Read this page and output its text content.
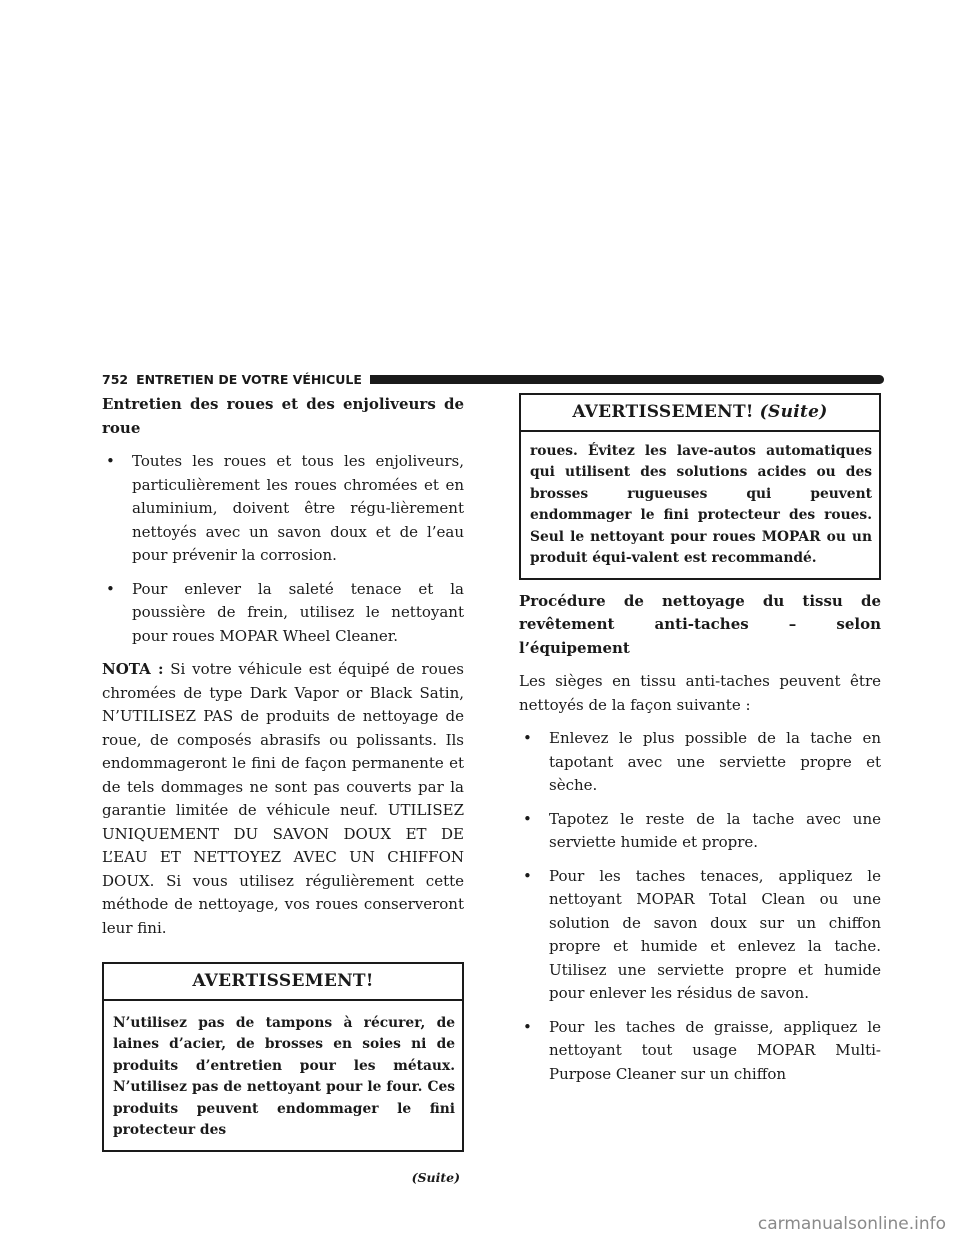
752 ENTRETIEN DE VOTRE VÉHICULE
Entretien des roues et des enjoliveurs de roue
• Toutes les roues et tous les enjoliveurs, particulièrement les roues chromées et en aluminium, doivent être régu-lièrement nettoyés avec un savon doux et de l’eau pour prévenir la corrosion.
• Pour enlever la saleté tenace et la poussière de frein, utilisez le nettoyant pour roues MOPAR Wheel Cleaner.

NOTA : Si votre véhicule est équipé de roues chromées de type Dark Vapor or Black Satin, N’UTILISEZ PAS de produits de nettoyage de roue, de composés abrasifs ou polissants. Ils endommageront le fini de façon permanente et de tels dommages ne sont pas couverts par la garantie limitée de véhicule neuf. UTILISEZ UNIQUEMENT DU SAVON DOUX ET DE L’EAU ET NETTOYEZ AVEC UN CHIFFON DOUX. Si vous utilisez régulièrement cette méthode de nettoyage, vos roues conserveront leur fini.

AVERTISSEMENT!
N’utilisez pas de tampons à récurer, de laines d’acier, de brosses en soies ni de produits d’entretien pour les métaux. N’utilisez pas de nettoyant pour le four. Ces produits peuvent endommager le fini protecteur des
(Suite)
AVERTISSEMENT! (Suite)
roues. Évitez les lave-autos automatiques qui utilisent des solutions acides ou des brosses rugueuses qui peuvent endommager le fini protecteur des roues. Seul le nettoyant pour roues MOPAR ou un produit équi-valent est recommandé.
Procédure de nettoyage du tissu de revêtement anti-taches – selon l’équipement

Les sièges en tissu anti-taches peuvent être nettoyés de la façon suivante :

• Enlevez le plus possible de la tache en tapotant avec une serviette propre et sèche.
• Tapotez le reste de la tache avec une serviette humide et propre.
• Pour les taches tenaces, appliquez le nettoyant MOPAR Total Clean ou une solution de savon doux sur un chiffon propre et humide et enlevez la tache. Utilisez une serviette propre et humide pour enlever les résidus de savon.
• Pour les taches de graisse, appliquez le nettoyant tout usage MOPAR Multi-Purpose Cleaner sur un chiffon
carmanualsonline.info
